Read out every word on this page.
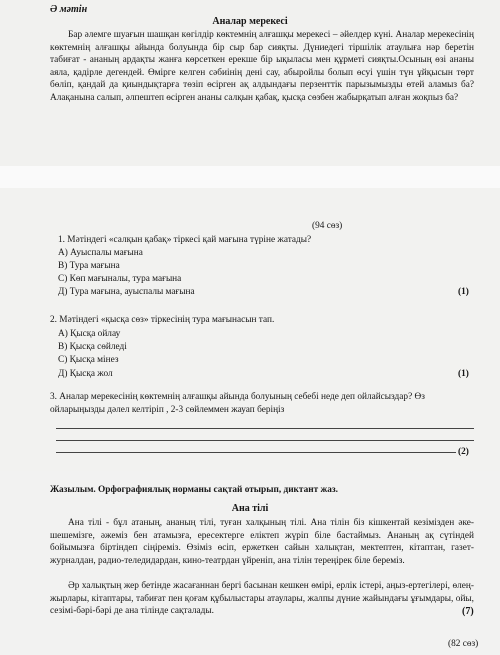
Ә мәтін
Аналар мерекесі
Бар әлемге шуағын шашқан көгілдір көктемнің алғашқы мерекесі – әйелдер күні. Аналар мерекесінің көктемнің алғашқы айында болуында бір сыр бар сияқты. Дүниедегі тіршілік атаулыға нәр беретін табиғат - ананың ардақты жанға көрсеткен ерекше бір ықыласы мен құрметі сияқты.Осының өзі ананы аяла, қадірле дегендей. Өмірге келген сәбиінің дені сау, абыройлы болып өсуі үшін түн ұйқысын төрт бөліп, қандай да қиындықтарға төзіп өсірген ақ алдындағы перзенттік парызымызды өтей аламыз ба? Алақанына салып, әлпештеп өсірген ананы салқын қабақ, қысқа сөзбен жабырқатып алған жоқпыз ба?
(94 сөз)
1. Мәтіндегі «салқын қабақ» тіркесі қай мағына түріне жатады?
А) Ауыспалы мағына
В) Тура мағына
С) Көп мағыналы, тура мағына
Д) Тура мағына, ауыспалы мағына	(1)
2. Мәтіндегі «қысқа сөз» тіркесінің тура мағынасын тап.
А) Қысқа ойлау
В) Қысқа сөйледі
С) Қысқа мінез
Д) Қысқа жол	(1)
3. Аналар мерекесінің көктемнің алғашқы айында болуының себебі неде деп ойлайсыздар? Өз
ойларыңызды дәлел келтіріп , 2-3 сөйлеммен жауап беріңіз
(2)
Жазылым. Орфографиялық норманы сақтай отырып, диктант жаз.
Ана тілі
Ана тілі - бұл атаның, ананың тілі, туған халқының тілі. Ана тілін біз кішкентай кезімізден әке-шешемізге, әжеміз бен атамызға, ересектерге еліктеп жүріп біле бастаймыз. Ананың ақ сүтіндей бойымызға біртіндеп сіңіреміз. Өзіміз өсіп, ержеткен сайын халықтан, мектептен, кітаптан, газет-журналдан, радио-теледидардан, кино-театрдан үйреніп, ана тілін тереңірек біле береміз.
Әр халықтың жер бетінде жасағаннан бергі басынан кешкен өмірі, ерлік істері, аңыз-ертегілері, өлең-жырлары, кітаптары, табиғат пен қоғам құбылыстары атаулары, жалпы дүние жайындағы ұғымдары, ойы, сезімі-бәрі-бәрі де ана тілінде сақталады.	(7)
(82 сөз)
